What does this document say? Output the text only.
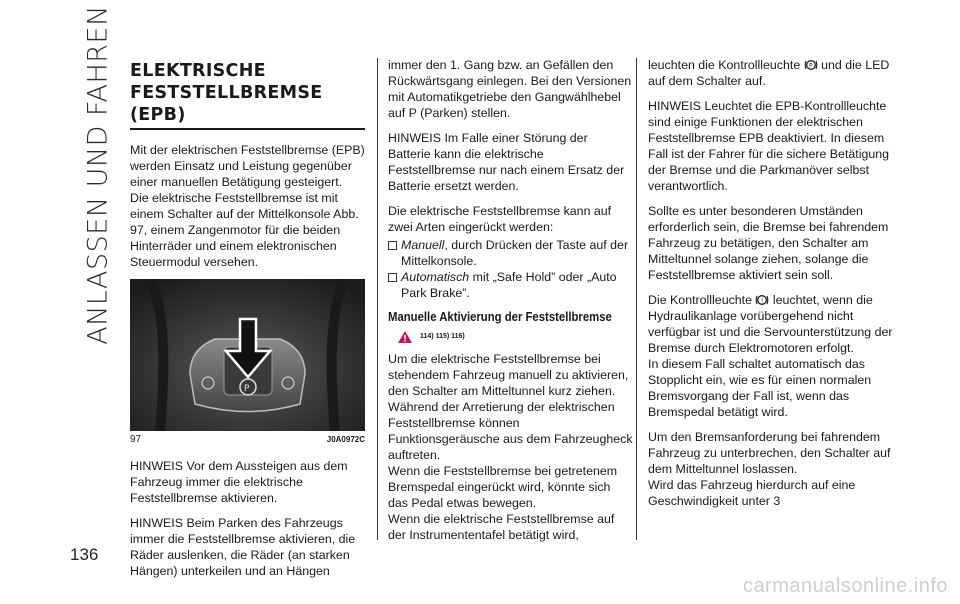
ANLASSEN UND FAHREN
136
ELEKTRISCHE
FESTSTELLBREMSE (EPB)

Mit der elektrischen Feststellbremse (EPB) werden Einsatz und Leistung gegenüber einer manuellen Betätigung gesteigert.

Die elektrische Feststellbremse ist mit einem Schalter auf der Mittelkonsole Abb. 97, einem Zangenmotor für die beiden Hinterräder und einem elektronischen Steuermodul versehen.

P
97	J0A0972C

HINWEIS Vor dem Aussteigen aus dem Fahrzeug immer die elektrische Feststellbremse aktivieren.

HINWEIS Beim Parken des Fahrzeugs immer die Feststellbremse aktivieren, die Räder auslenken, die Räder (an starken Hängen) unterkeilen und an Hängen

immer den 1. Gang bzw. an Gefällen den Rückwärtsgang einlegen. Bei den Versionen mit Automatikgetriebe den Gangwählhebel auf P (Parken) stellen.

HINWEIS Im Falle einer Störung der Batterie kann die elektrische Feststellbremse nur nach einem Ersatz der Batterie ersetzt werden.

Die elektrische Feststellbremse kann auf zwei Arten eingerückt werden:

Manuell, durch Drücken der Taste auf der Mittelkonsole.
Automatisch mit „Safe Hold” oder „Auto Park Brake”.
Manuelle Aktivierung der Feststellbremse
114) 115) 116)

Um die elektrische Feststellbremse bei stehendem Fahrzeug manuell zu aktivieren, den Schalter am Mitteltunnel kurz ziehen.

Während der Arretierung der elektrischen Feststellbremse können Funktionsgeräusche aus dem Fahrzeugheck auftreten.

Wenn die Feststellbremse bei getretenem Bremspedal eingerückt wird, könnte sich das Pedal etwas bewegen.

Wenn die elektrische Feststellbremse auf der Instrumententafel betätigt wird,

leuchten die Kontrollleuchte P und die LED auf dem Schalter auf.

HINWEIS Leuchtet die EPB-Kontrollleuchte sind einige Funktionen der elektrischen Feststellbremse EPB deaktiviert. In diesem Fall ist der Fahrer für die sichere Betätigung der Bremse und die Parkmanöver selbst verantwortlich.

Sollte es unter besonderen Umständen erforderlich sein, die Bremse bei fahrendem Fahrzeug zu betätigen, den Schalter am Mitteltunnel solange ziehen, solange die Feststellbremse aktiviert sein soll.

Die Kontrollleuchte ! leuchtet, wenn die Hydraulikanlage vorübergehend nicht verfügbar ist und die Servounterstützung der Bremse durch Elektromotoren erfolgt.

In diesem Fall schaltet automatisch das Stopplicht ein, wie es für einen normalen Bremsvorgang der Fall ist, wenn das Bremspedal betätigt wird.

Um den Bremsanforderung bei fahrendem Fahrzeug zu unterbrechen, den Schalter auf dem Mitteltunnel loslassen.

Wird das Fahrzeug hierdurch auf eine Geschwindigkeit unter 3

carmanualsonline.info
